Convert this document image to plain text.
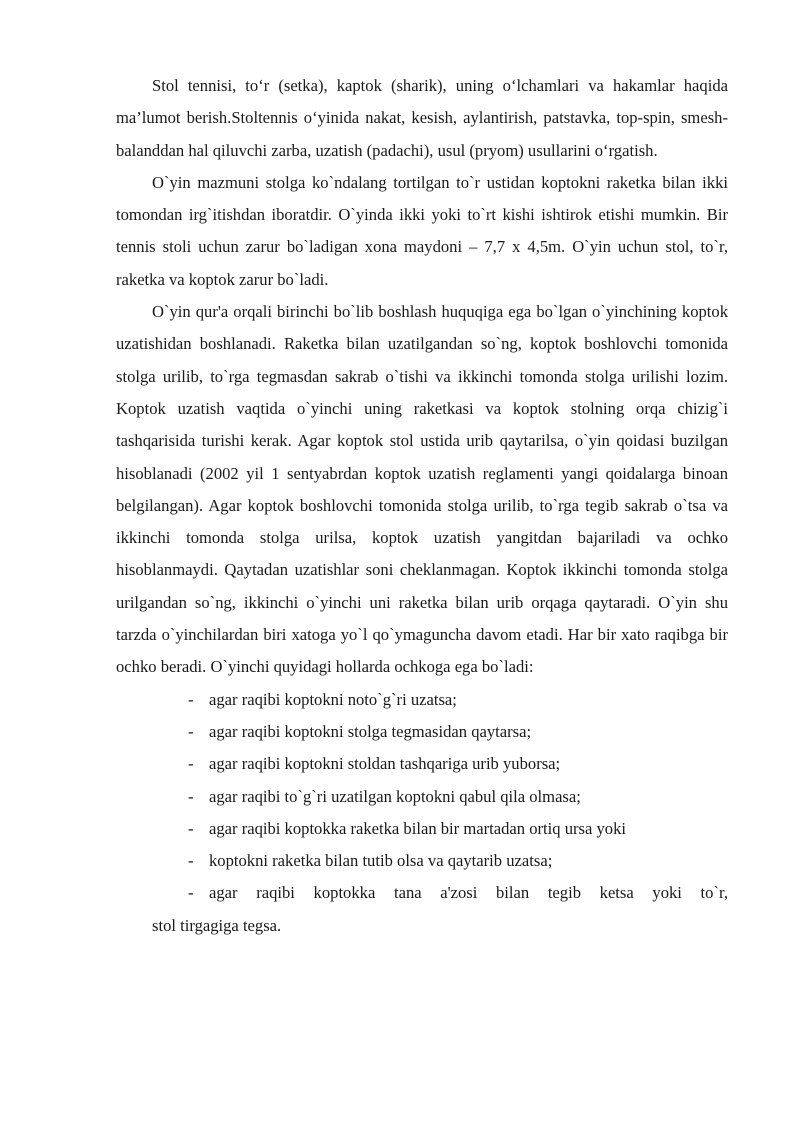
Stol tennisi, to‘r (setka), kaptok (sharik), uning o‘lchamlari va hakamlar haqida ma’lumot berish.Stoltennis o‘yinida nakat, kesish, aylantirish, patstavka, top-spin, smesh-balanddan hal qiluvchi zarba, uzatish (padachi), usul (pryom) usullarini o‘rgatish.

O`yin mazmuni stolga ko`ndalang tortilgan to`r ustidan koptokni raketka bilan ikki tomondan irg`itishdan iboratdir. O`yinda ikki yoki to`rt kishi ishtirok etishi mumkin. Bir tennis stoli uchun zarur bo`ladigan xona maydoni – 7,7 x 4,5m. O`yin uchun stol, to`r, raketka va koptok zarur bo`ladi.

O`yin qur'a orqali birinchi bo`lib boshlash huquqiga ega bo`lgan o`yinchining koptok uzatishidan boshlanadi. Raketka bilan uzatilgandan so`ng, koptok boshlovchi tomonida stolga urilib, to`rga tegmasdan sakrab o`tishi va ikkinchi tomonda stolga urilishi lozim. Koptok uzatish vaqtida o`yinchi uning raketkasi va koptok stolning orqa chizig`i tashqarisida turishi kerak. Agar koptok stol ustida urib qaytarilsa, o`yin qoidasi buzilgan hisoblanadi (2002 yil 1 sentyabrdan koptok uzatish reglamenti yangi qoidalarga binoan belgilangan). Agar koptok boshlovchi tomonida stolga urilib, to`rga tegib sakrab o`tsa va ikkinchi tomonda stolga urilsa, koptok uzatish yangitdan bajariladi va ochko hisoblanmaydi. Qaytadan uzatishlar soni cheklanmagan. Koptok ikkinchi tomonda stolga urilgandan so`ng, ikkinchi o`yinchi uni raketka bilan urib orqaga qaytaradi. O`yin shu tarzda o`yinchilardan biri xatoga yo`l qo`ymaguncha davom etadi. Har bir xato raqibga bir ochko beradi. O`yinchi quyidagi hollarda ochkoga ega bo`ladi:

- agar raqibi koptokni noto`g`ri uzatsa;
- agar raqibi koptokni stolga tegmasidan qaytarsa;
- agar raqibi koptokni stoldan tashqariga urib yuborsa;
- agar raqibi to`g`ri uzatilgan koptokni qabul qila olmasa;
- agar raqibi koptokka raketka bilan bir martadan ortiq ursa yoki
- koptokni raketka bilan tutib olsa va qaytarib uzatsa;
- agar raqibi koptokka tana a'zosi bilan tegib ketsa yoki to`r,
stol tirgagiga tegsa.
